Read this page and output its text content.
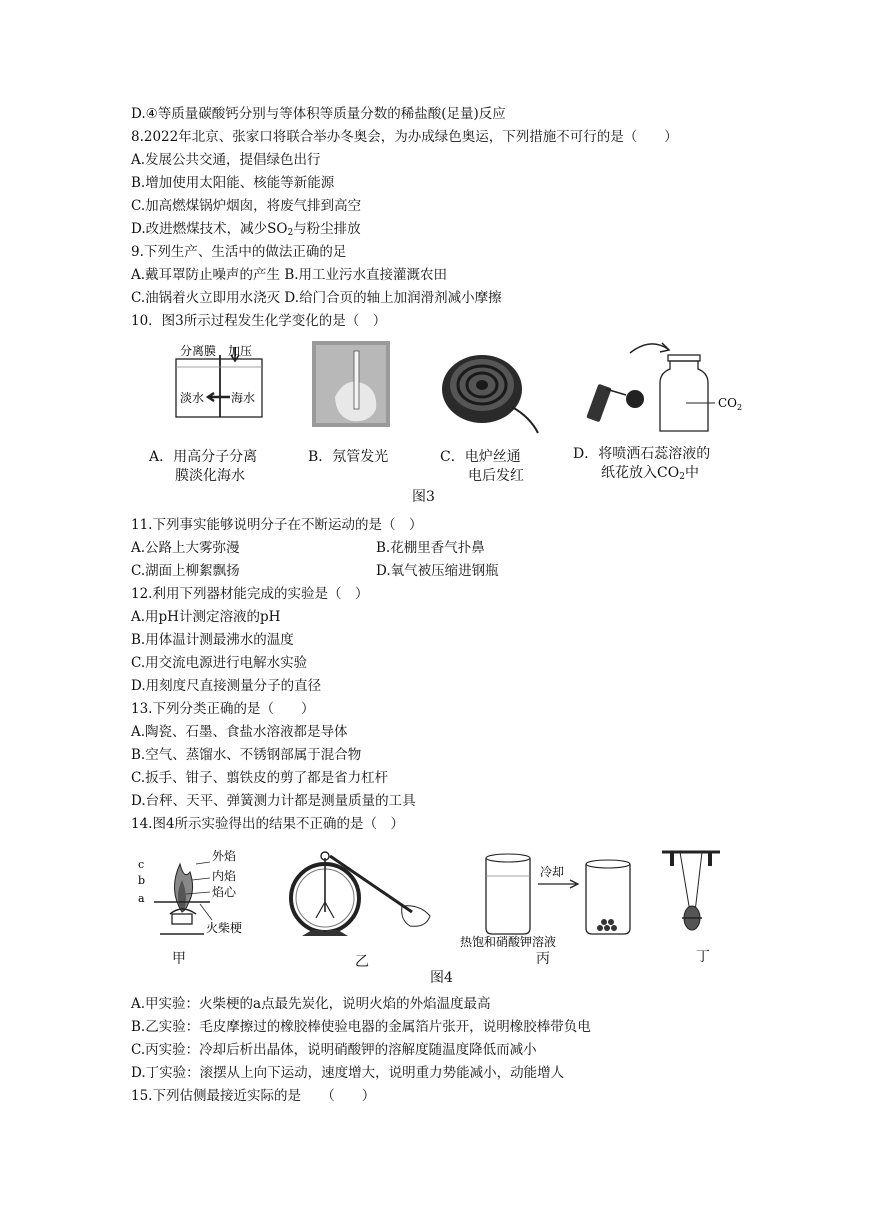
D.④等质量碳酸钙分别与等体积等质量分数的稀盐酸(足量)反应
8.2022年北京、张家口将联合举办冬奥会，为办成绿色奥运，下列措施不可行的是（　　）
A.发展公共交通，提倡绿色出行
B.增加使用太阳能、核能等新能源
C.加高燃煤锅炉烟囱，将废气排到高空
D.改进燃煤技术，减少$SO_2$与粉尘排放
9.下列生产、生活中的做法正确的足
A.戴耳罩防止噪声的产生 B.用工业污水直接灌溉农田
C.油锅着火立即用水浇灭 D.给门合页的轴上加润滑剂减小摩擦
10．图3所示过程发生化学变化的是（　）
分离膜 加压
淡水 海水	$CO_2$
A．用高分子分离
膜淡化海水
B．氖管发光	C．电炉丝通
电后发红
D．将喷洒石蕊溶液的
纸花放入$CO_2$中
图3
11.下列事实能够说明分子在不断运动的是（　）
A.公路上大雾弥漫	B.花棚里香气扑鼻
C.湖面上柳絮飘扬	D.氧气被压缩进钢瓶
12.利用下列器材能完成的实验是（　）
A.用pH计测定溶液的pH
B.用体温计测最沸水的温度
C.用交流电源进行电解水实验
D.用刻度尺直接测量分子的直径
13.下列分类正确的是（　　）
A.陶瓷、石墨、食盐水溶液都是导体
B.空气、蒸馏水、不锈钢部属于混合物
C.扳手、钳子、翦铁皮的剪了都是省力杠杆
D.台秤、天平、弹簧测力计都是测量质量的工具
14.图4所示实验得出的结果不正确的是（　）
c
b
a
外焰
内焰
焰心
火柴梗
冷却
热饱和硝酸钾溶液
甲	乙	丙	丁
图4
A.甲实验：火柴梗的a点最先炭化，说明火焰的外焰温度最高
B.乙实验：毛皮摩擦过的橡胶棒使验电器的金属箔片张开，说明橡胶棒带负电
C.丙实验：冷却后析出晶体，说明硝酸钾的溶解度随温度降低而减小
D.丁实验：滚摆从上向下运动，速度增大，说明重力势能减小，动能增人
15.下列估侧最接近实际的是　　（　　）
